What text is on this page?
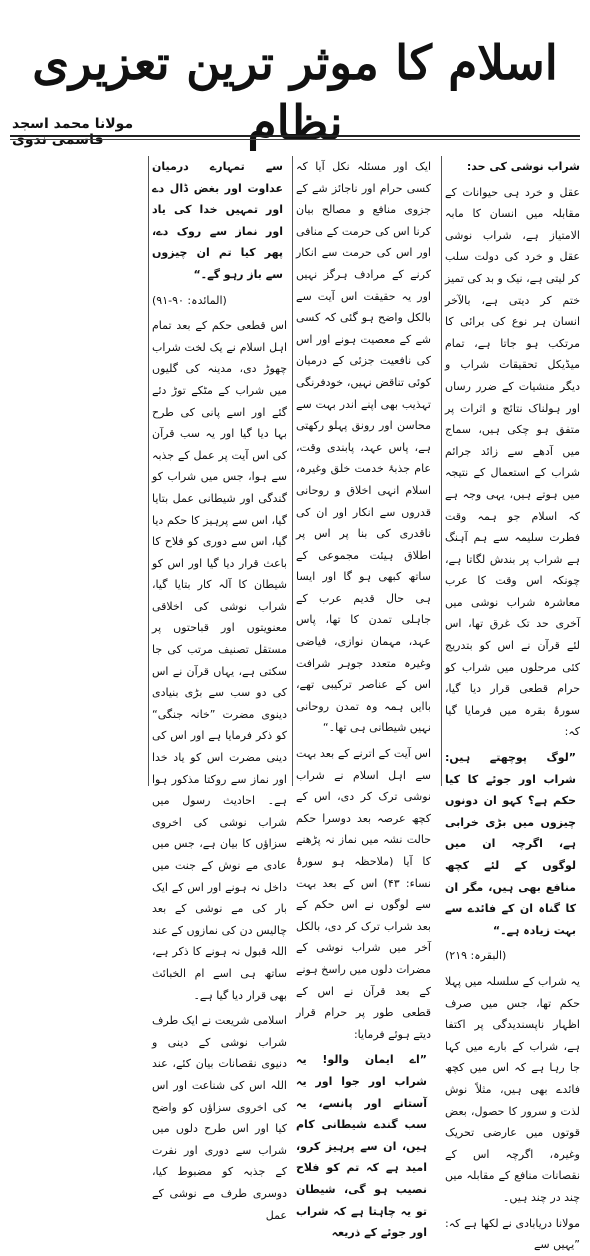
اسلام کا موثر ترین تعزیری نظام
مولانا محمد اسجد قاسمی ندوی

شراب نوشی کی حد:

عقل و خرد ہی حیوانات کے مقابلہ میں انسان کا مابہ الامتیاز ہے، شراب نوشی عقل و خرد کی دولت سلب کر لیتی ہے، نیک و بد کی تمیز ختم کر دیتی ہے، بالآخر انسان ہر نوع کی برائی کا مرتکب ہو جاتا ہے، تمام میڈیکل تحقیقات شراب و دیگر منشیات کے ضرر رساں اور ہولناک نتائج و اثرات پر متفق ہو چکی ہیں، سماج میں آدھے سے زائد جرائم شراب کے استعمال کے نتیجہ میں ہوتے ہیں، یہی وجہ ہے کہ اسلام جو ہمہ وقت فطرت سلیمہ سے ہم آہنگ ہے شراب پر بندش لگاتا ہے، چونکہ اس وقت کا عرب معاشرہ شراب نوشی میں آخری حد تک غرق تھا، اس لئے قرآن نے اس کو بتدریج کئی مرحلوں میں شراب کو حرام قطعی قرار دیا گیا، سورۂ بقرہ میں فرمایا گیا کہ:

”لوگ پوچھتے ہیں: شراب اور جوئے کا کیا حکم ہے؟ کہو ان دونوں چیزوں میں بڑی خرابی ہے، اگرچہ ان میں لوگوں کے لئے کچھ منافع بھی ہیں، مگر ان کا گناہ ان کے فائدے سے بہت زیادہ ہے۔“

(البقرہ: ۲۱۹)

یہ شراب کے سلسلہ میں پہلا حکم تھا، جس میں صرف اظہار ناپسندیدگی پر اکتفا ہے، شراب کے بارے میں کہا جا رہا ہے کہ اس میں کچھ فائدے بھی ہیں، مثلاً نوش لذت و سرور کا حصول، بعض قوتوں میں عارضی تحریک وغیرہ، اگرچہ اس کے نقصانات منافع کے مقابلہ میں چند در چند ہیں۔

مولانا دریابادی نے لکھا ہے کہ: ”یہیں سے

ایک اور مسئلہ نکل آیا کہ کسی حرام اور ناجائز شے کے جزوی منافع و مصالح بیان کرنا اس کی حرمت کے منافی اور اس کی حرمت سے انکار کرنے کے مرادف ہرگز نہیں اور یہ حقیقت اس آیت سے بالکل واضح ہو گئی کہ کسی شے کے معصیت ہونے اور اس کی نافعیت جزئی کے درمیان کوئی تناقض نہیں، خودفرنگی تہذیب بھی اپنے اندر بہت سے محاسن اور رونق پہلو رکھتی ہے، پاس عہد، پابندی وقت، عام جذبۂ خدمت خلق وغیرہ، اسلام انہی اخلاق و روحانی قدروں سے انکار اور ان کی ناقدری کی بنا پر اس پر اطلاق ہیئت مجموعی کے ساتھ کبھی ہو گا اور ایسا ہی حال قدیم عرب کے جاہلی تمدن کا تھا، پاس عہد، مہمان نوازی، فیاضی وغیرہ متعدد جوہر شرافت اس کے عناصر ترکیبی تھے، باایں ہمہ وہ تمدن روحانی نہیں شیطانی ہی تھا۔“

اس آیت کے اترنے کے بعد بہت سے اہل اسلام نے شراب نوشی ترک کر دی، اس کے کچھ عرصہ بعد دوسرا حکم حالت نشہ میں نماز نہ پڑھنے کا آیا (ملاحظہ ہو سورۂ نساء: ۴۳) اس کے بعد بہت سے لوگوں نے اس حکم کے بعد شراب ترک کر دی، بالکل آخر میں شراب نوشی کے مضرات دلوں میں راسخ ہونے کے بعد قرآن نے اس کے قطعی طور پر حرام قرار دیتے ہوئے فرمایا:

”اے ایمان والو! یہ شراب اور جوا اور یہ آستانے اور پانسے، یہ سب گندے شیطانی کام ہیں، ان سے پرہیز کرو، امید ہے کہ تم کو فلاح نصیب ہو گی، شیطان تو یہ چاہتا ہے کہ شراب اور جوئے کے ذریعہ

سے تمہارے درمیان عداوت اور بغض ڈال دے اور تمہیں خدا کی یاد اور نماز سے روک دے، پھر کیا تم ان چیزوں سے باز رہو گے۔“

(المائدہ: ۹۰-۹۱)

اس قطعی حکم کے بعد تمام اہل اسلام نے یک لخت شراب چھوڑ دی، مدینہ کی گلیوں میں شراب کے مٹکے توڑ دئے گئے اور اسے پانی کی طرح بہا دیا گیا اور یہ سب قرآن کی اس آیت پر عمل کے جذبہ سے ہوا، جس میں شراب کو گندگی اور شیطانی عمل بتایا گیا، اس سے پرہیز کا حکم دیا گیا، اس سے دوری کو فلاح کا باعث قرار دیا گیا اور اس کو شیطان کا آلہ کار بتایا گیا، شراب نوشی کی اخلاقی معنویتوں اور قباحتوں پر مستقل تصنیف مرتب کی جا سکتی ہے، یہاں قرآن نے اس کی دو سب سے بڑی بنیادی دینوی مضرت ”خانہ جنگی“ کو ذکر فرمایا ہے اور اس کی دینی مضرت اس کو یاد خدا اور نماز سے روکتا مذکور ہوا ہے۔ احادیث رسول میں شراب نوشی کی اخروی سزاؤں کا بیان ہے، جس میں عادی مے نوش کے جنت میں داخل نہ ہونے اور اس کے ایک بار کی مے نوشی کے بعد چالیس دن کی نمازوں کے عند اللہ قبول نہ ہونے کا ذکر ہے، ساتھ ہی اسے ام الخبائث بھی قرار دیا گیا ہے۔

اسلامی شریعت نے ایک طرف شراب نوشی کے دینی و دنیوی نقصانات بیان کئے، عند اللہ اس کی شناعت اور اس کی اخروی سزاؤں کو واضح کیا اور اس طرح دلوں میں شراب سے دوری اور نفرت کے جذبہ کو مضبوط کیا، دوسری طرف مے نوشی کے عمل
